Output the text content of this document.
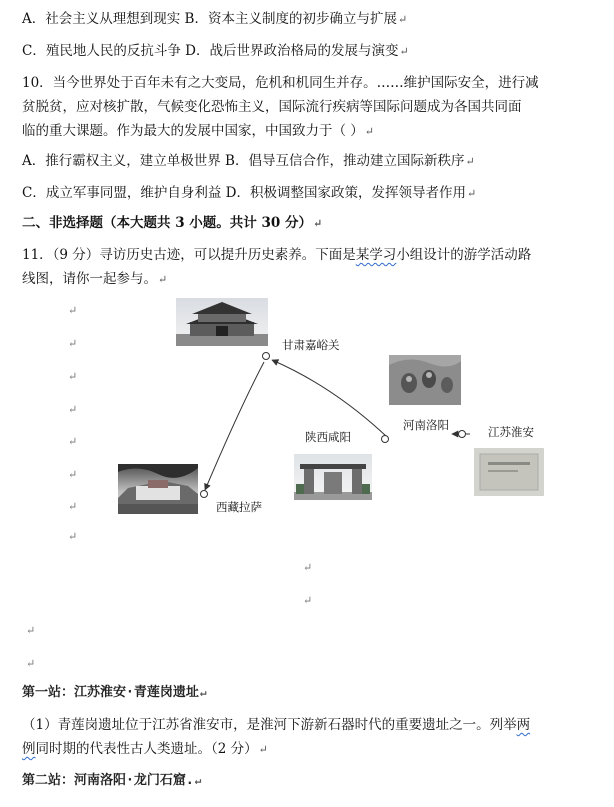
A．社会主义从理想到现实 B．资本主义制度的初步确立与扩展↵
C．殖民地人民的反抗斗争 D．战后世界政治格局的发展与演变↵
10．当今世界处于百年未有之大变局，危机和机同生并存。……维护国际安全，进行减
贫脱贫，应对核扩散，气候变化恐怖主义，国际流行疾病等国际问题成为各国共同面
临的重大课题。作为最大的发展中国家，中国致力于（ ）↵
A．推行霸权主义，建立单极世界 B．倡导互信合作，推动建立国际新秩序↵
C．成立军事同盟，维护自身利益 D．积极调整国家政策，发挥领导者作用↵
二、非选择题（本大题共 3 小题。共计 30 分）↵
11．（9 分）寻访历史古迹，可以提升历史素养。下面是某学习小组设计的游学活动路
线图，请你一起参与。↵
↵
↵
↵
↵
↵
↵
↵
↵
↵
↵
↵
↵
甘肃嘉峪关
河南洛阳	江苏淮安
陕西咸阳
西藏拉萨
第一站：江苏淮安·青莲岗遗址↵
（1）青莲岗遗址位于江苏省淮安市，是淮河下游新石器时代的重要遗址之一。列举两
例同时期的代表性古人类遗址。（2 分）↵
第二站：河南洛阳·龙门石窟.↵
